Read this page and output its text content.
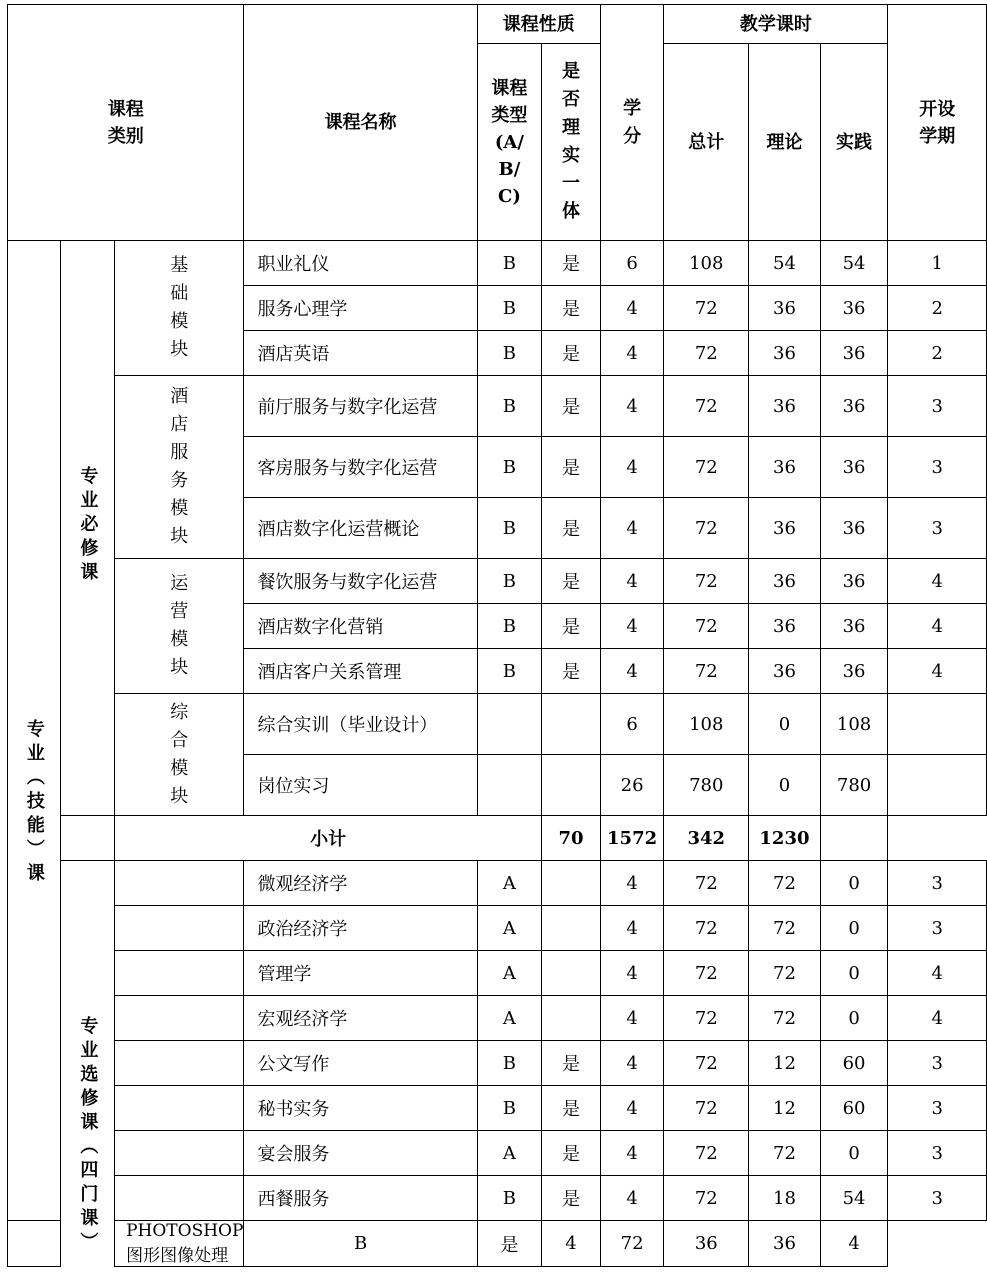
课程类别			课程名称	课程性质		学分	教学课时			开设学期
				课程类型(A/B/C)	是否理实一体		总计	理论	实践	
专业（技能）课	专业必修课	基础模块	职业礼仪	B	是	6	108	54	54	1
			服务心理学	B	是	4	72	36	36	2
			酒店英语	B	是	4	72	36	36	2
		酒店服务模块	前厅服务与数字化运营	B	是	4	72	36	36	3
			客房服务与数字化运营	B	是	4	72	36	36	3
			酒店数字化运营概论	B	是	4	72	36	36	3
		运营模块	餐饮服务与数字化运营	B	是	4	72	36	36	4
			酒店数字化营销	B	是	4	72	36	36	4
			酒店客户关系管理	B	是	4	72	36	36	4
		综合模块	综合实训（毕业设计）			6	108	0	108	
			岗位实习			26	780	0	780	
		小计			70	1572	342	1230		
	专业选修课（四门课）		微观经济学	A		4	72	72	0	3
			政治经济学	A		4	72	72	0	3
			管理学	A		4	72	72	0	4
			宏观经济学	A		4	72	72	0	4
			公文写作	B	是	4	72	12	60	3
			秘书实务	B	是	4	72	12	60	3
			宴会服务	A	是	4	72	72	0	3
			西餐服务	B	是	4	72	18	54	3
		PHOTOSHOP图形图像处理	B	是	4	72	36	36	4	
